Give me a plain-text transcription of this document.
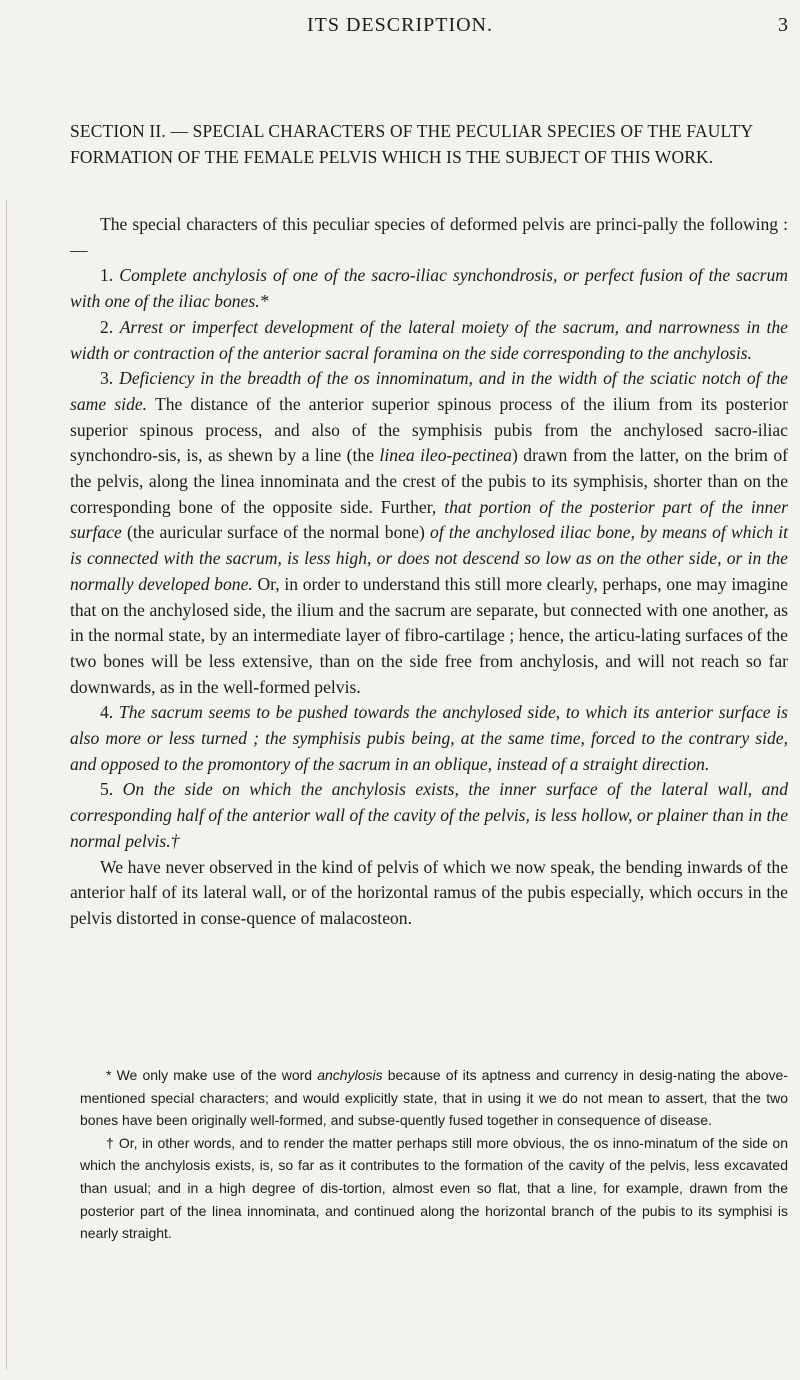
ITS DESCRIPTION.	3
SECTION II. — SPECIAL CHARACTERS OF THE PECULIAR SPECIES OF THE FAULTY FORMATION OF THE FEMALE PELVIS WHICH IS THE SUBJECT OF THIS WORK.

The special characters of this peculiar species of deformed pelvis are princi-pally the following :—

1. Complete anchylosis of one of the sacro-iliac synchondrosis, or perfect fusion of the sacrum with one of the iliac bones.*

2. Arrest or imperfect development of the lateral moiety of the sacrum, and narrowness in the width or contraction of the anterior sacral foramina on the side corresponding to the anchylosis.

3. Deficiency in the breadth of the os innominatum, and in the width of the sciatic notch of the same side. The distance of the anterior superior spinous process of the ilium from its posterior superior spinous process, and also of the symphisis pubis from the anchylosed sacro-iliac synchondro-sis, is, as shewn by a line (the linea ileo-pectinea) drawn from the latter, on the brim of the pelvis, along the linea innominata and the crest of the pubis to its symphisis, shorter than on the corresponding bone of the opposite side. Further, that portion of the posterior part of the inner surface (the auricular surface of the normal bone) of the anchylosed iliac bone, by means of which it is connected with the sacrum, is less high, or does not descend so low as on the other side, or in the normally developed bone. Or, in order to understand this still more clearly, perhaps, one may imagine that on the anchylosed side, the ilium and the sacrum are separate, but connected with one another, as in the normal state, by an intermediate layer of fibro-cartilage ; hence, the articu-lating surfaces of the two bones will be less extensive, than on the side free from anchylosis, and will not reach so far downwards, as in the well-formed pelvis.

4. The sacrum seems to be pushed towards the anchylosed side, to which its anterior surface is also more or less turned ; the symphisis pubis being, at the same time, forced to the contrary side, and opposed to the promontory of the sacrum in an oblique, instead of a straight direction.

5. On the side on which the anchylosis exists, the inner surface of the lateral wall, and corresponding half of the anterior wall of the cavity of the pelvis, is less hollow, or plainer than in the normal pelvis.†

We have never observed in the kind of pelvis of which we now speak, the bending inwards of the anterior half of its lateral wall, or of the horizontal ramus of the pubis especially, which occurs in the pelvis distorted in conse-quence of malacosteon.

* We only make use of the word anchylosis because of its aptness and currency in desig-nating the above-mentioned special characters; and would explicitly state, that in using it we do not mean to assert, that the two bones have been originally well-formed, and subse-quently fused together in consequence of disease.

† Or, in other words, and to render the matter perhaps still more obvious, the os inno-minatum of the side on which the anchylosis exists, is, so far as it contributes to the formation of the cavity of the pelvis, less excavated than usual; and in a high degree of dis-tortion, almost even so flat, that a line, for example, drawn from the posterior part of the linea innominata, and continued along the horizontal branch of the pubis to its symphisi is nearly straight.
